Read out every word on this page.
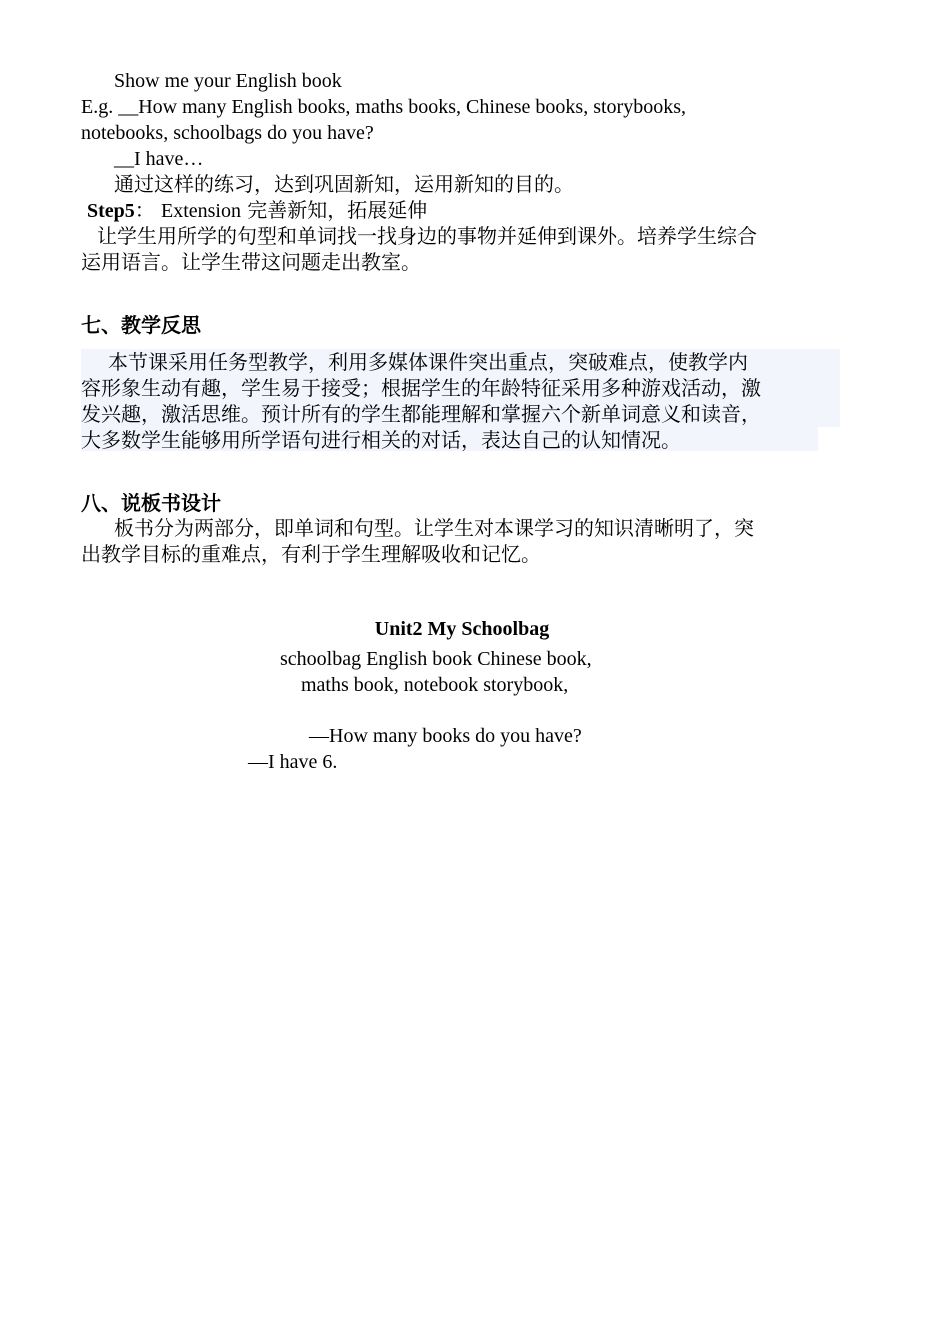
Show me your English book
E.g. __How many English books, maths books, Chinese books, storybooks,
notebooks, schoolbags do you have?
__I have…
通过这样的练习，达到巩固新知，运用新知的目的。
Step5： Extension 完善新知，拓展延伸
让学生用所学的句型和单词找一找身边的事物并延伸到课外。培养学生综合
运用语言。让学生带这问题走出教室。
七、教学反思
本节课采用任务型教学，利用多媒体课件突出重点，突破难点，使教学内
容形象生动有趣，学生易于接受；根据学生的年龄特征采用多种游戏活动，激
发兴趣，激活思维。预计所有的学生都能理解和掌握六个新单词意义和读音，
大多数学生能够用所学语句进行相关的对话，表达自己的认知情况。
八、说板书设计
板书分为两部分，即单词和句型。让学生对本课学习的知识清晰明了，突
出教学目标的重难点，有利于学生理解吸收和记忆。
Unit2 My Schoolbag
schoolbag English book Chinese book,
maths book, notebook storybook,
—How many books do you have?
—I have 6.
